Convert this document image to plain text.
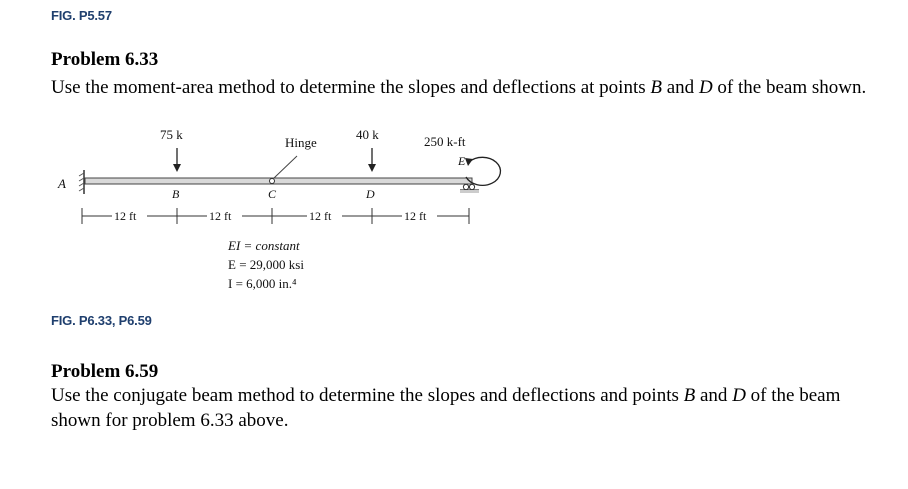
FIG. P5.57
Problem 6.33
Use the moment-area method to determine the slopes and deflections at points B and D of the beam shown.
A
Hinge
75 k
B	C
40 k
D
250 k-ft
E
12 ft	12 ft	12 ft	12 ft
EI = constant
E = 29,000 ksi
I = 6,000 in.⁴
FIG. P6.33, P6.59
Problem 6.59
Use the conjugate beam method to determine the slopes and deflections and points B and D of the beam shown for problem 6.33 above.
